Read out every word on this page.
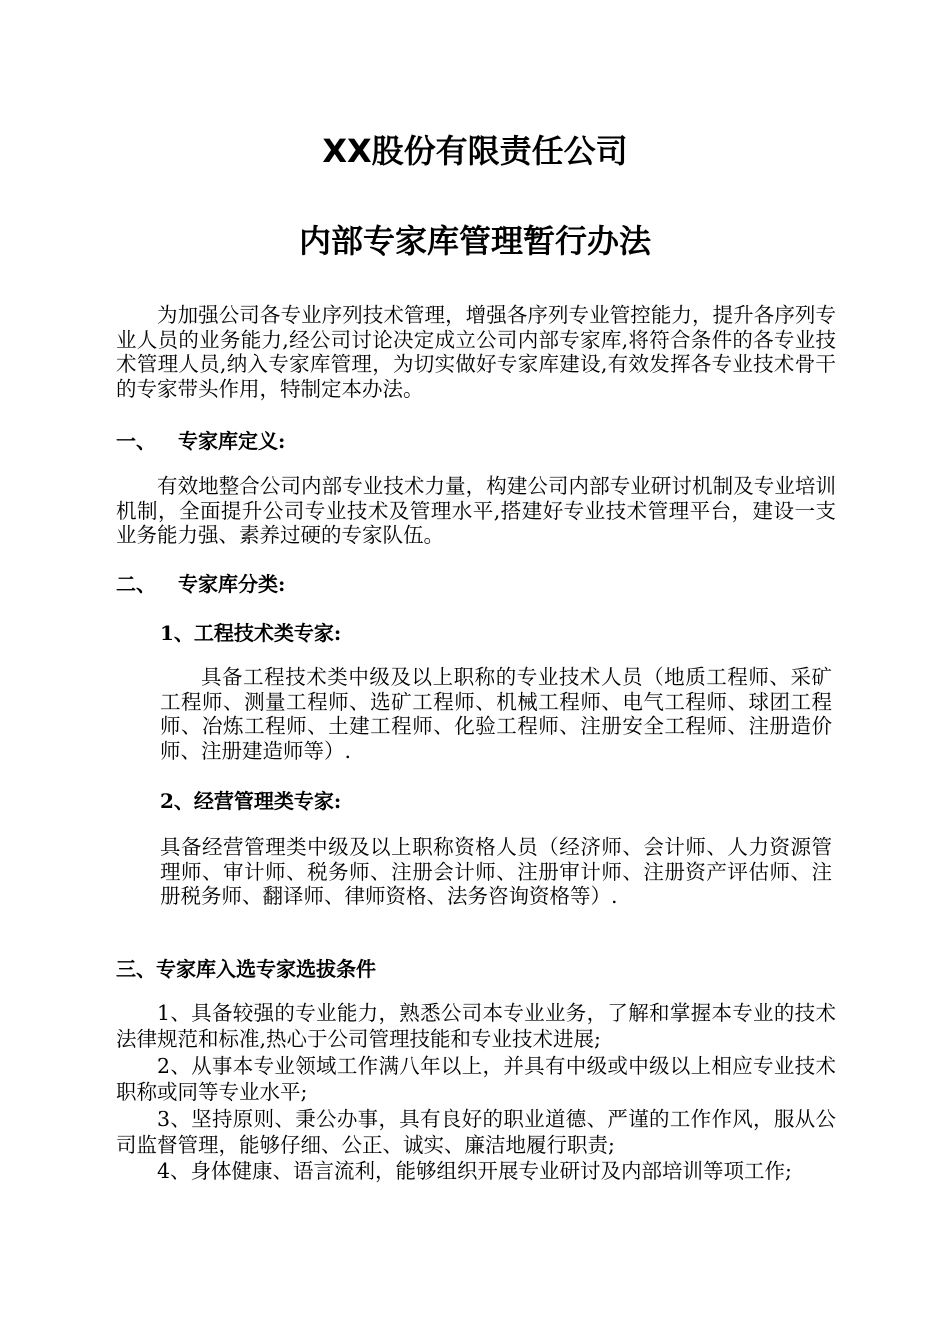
XX股份有限责任公司
内部专家库管理暂行办法

为加强公司各专业序列技术管理，增强各序列专业管控能力，提升各序列专业人员的业务能力,经公司讨论决定成立公司内部专家库,将符合条件的各专业技术管理人员,纳入专家库管理，为切实做好专家库建设,有效发挥各专业技术骨干的专家带头作用，特制定本办法。

一、 专家库定义:

有效地整合公司内部专业技术力量，构建公司内部专业研讨机制及专业培训机制，全面提升公司专业技术及管理水平,搭建好专业技术管理平台，建设一支业务能力强、素养过硬的专家队伍。

二、 专家库分类:
1、工程技术类专家:

具备工程技术类中级及以上职称的专业技术人员（地质工程师、采矿工程师、测量工程师、选矿工程师、机械工程师、电气工程师、球团工程师、冶炼工程师、土建工程师、化验工程师、注册安全工程师、注册造价师、注册建造师等）.

2、经营管理类专家:

具备经营管理类中级及以上职称资格人员（经济师、会计师、人力资源管理师、审计师、税务师、注册会计师、注册审计师、注册资产评估师、注册税务师、翻译师、律师资格、法务咨询资格等）.

三、专家库入选专家选拔条件

1、具备较强的专业能力，熟悉公司本专业业务，了解和掌握本专业的技术法律规范和标准,热心于公司管理技能和专业技术进展;

2、从事本专业领域工作满八年以上，并具有中级或中级以上相应专业技术职称或同等专业水平;

3、坚持原则、秉公办事，具有良好的职业道德、严谨的工作作风，服从公司监督管理，能够仔细、公正、诚实、廉洁地履行职责;

4、身体健康、语言流利，能够组织开展专业研讨及内部培训等项工作;
